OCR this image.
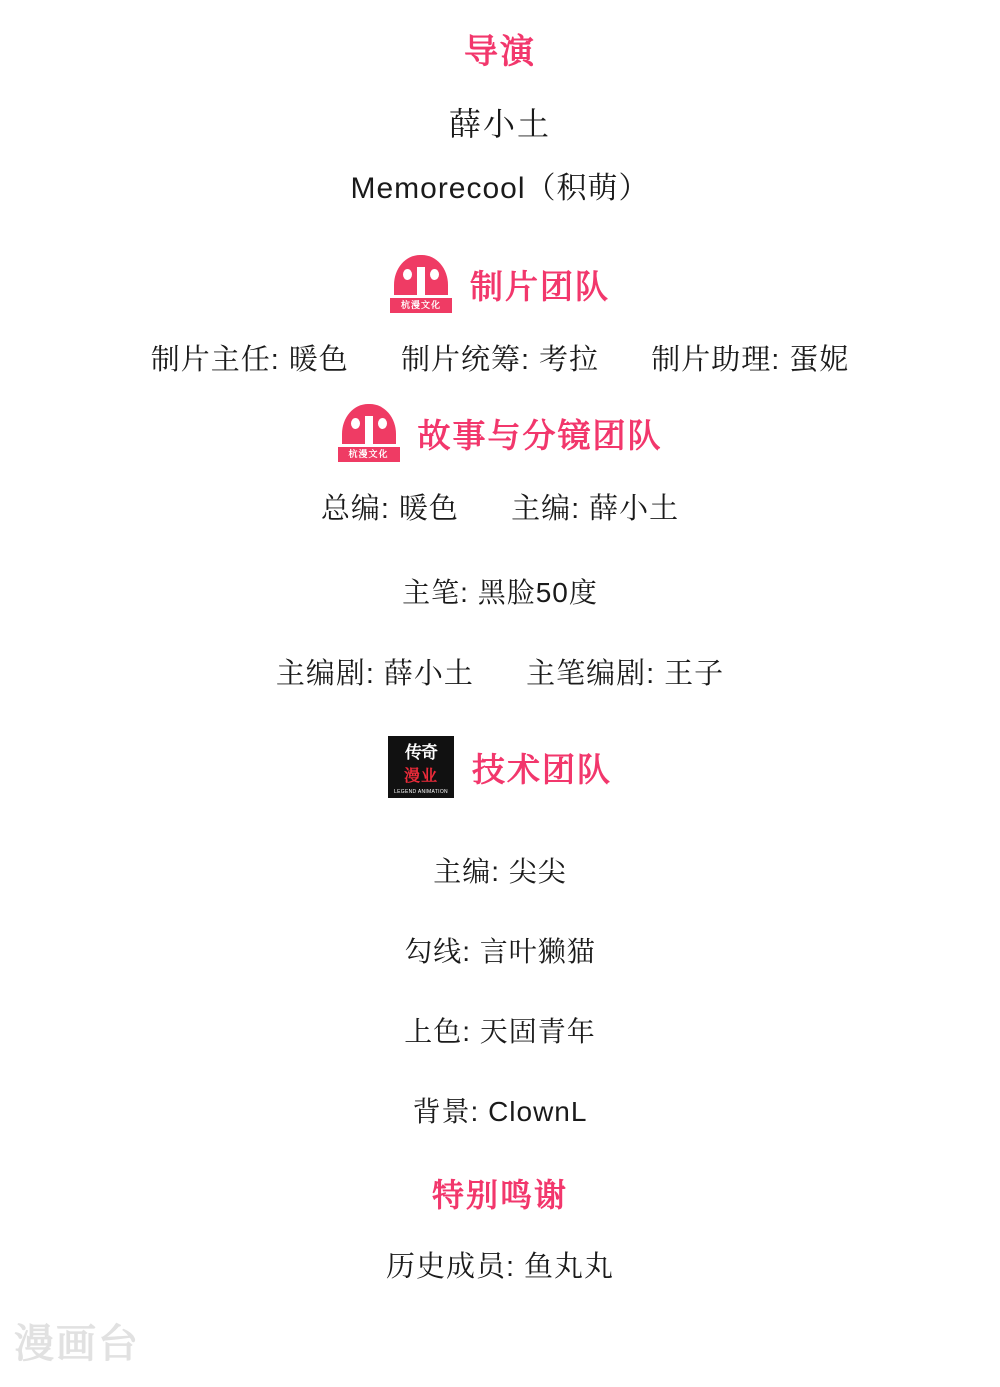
导演
薛小土
Memorecool（积萌）
杭漫文化
制片团队
制片主任: 暖色 制片统筹: 考拉 制片助理: 蛋妮
杭漫文化
故事与分镜团队
总编: 暖色 主编: 薛小土
主笔: 黑脸50度
主编剧: 薛小土 主笔编剧: 王子
传奇
漫业
LEGEND ANIMATION INDUSTRY
技术团队
主编: 尖尖
勾线: 言叶獭猫
上色: 天固青年
背景: ClownL
特别鸣谢
历史成员: 鱼丸丸
漫画台
